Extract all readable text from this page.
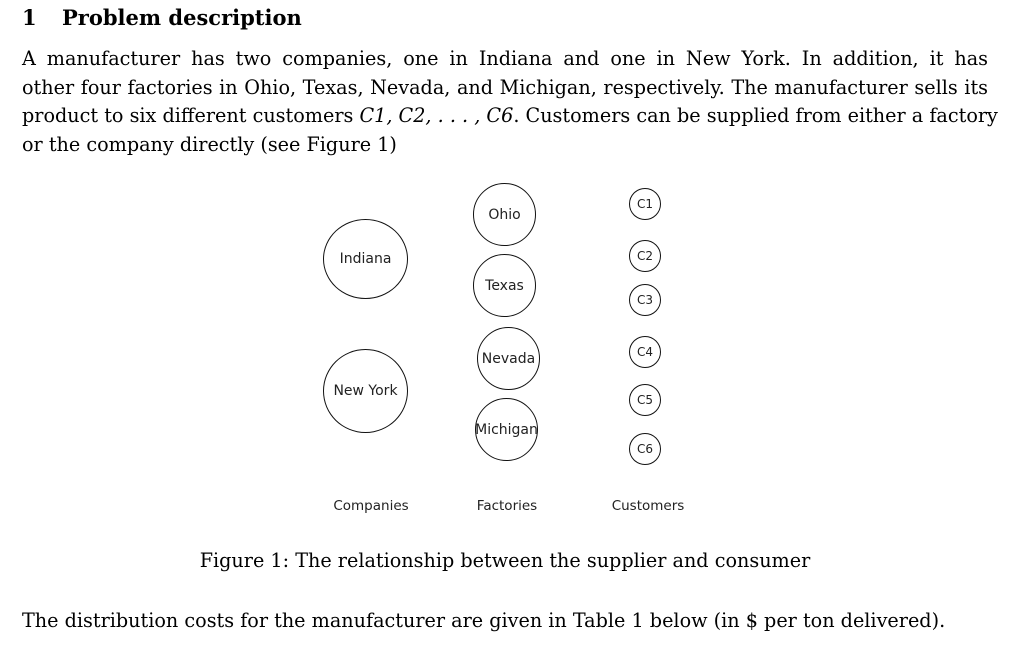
1 Problem description
A manufacturer has two companies, one in Indiana and one in New York. In addition, it has
other four factories in Ohio, Texas, Nevada, and Michigan, respectively. The manufacturer sells its
product to six different customers C1, C2, . . . , C6. Customers can be supplied from either a factory
or the company directly (see Figure 1)
Indiana
New York
Ohio
Texas
Nevada
Michigan
C1
C2
C3
C4
C5
C6
Companies	Factories	Customers
Figure 1: The relationship between the supplier and consumer
The distribution costs for the manufacturer are given in Table 1 below (in $ per ton delivered).
